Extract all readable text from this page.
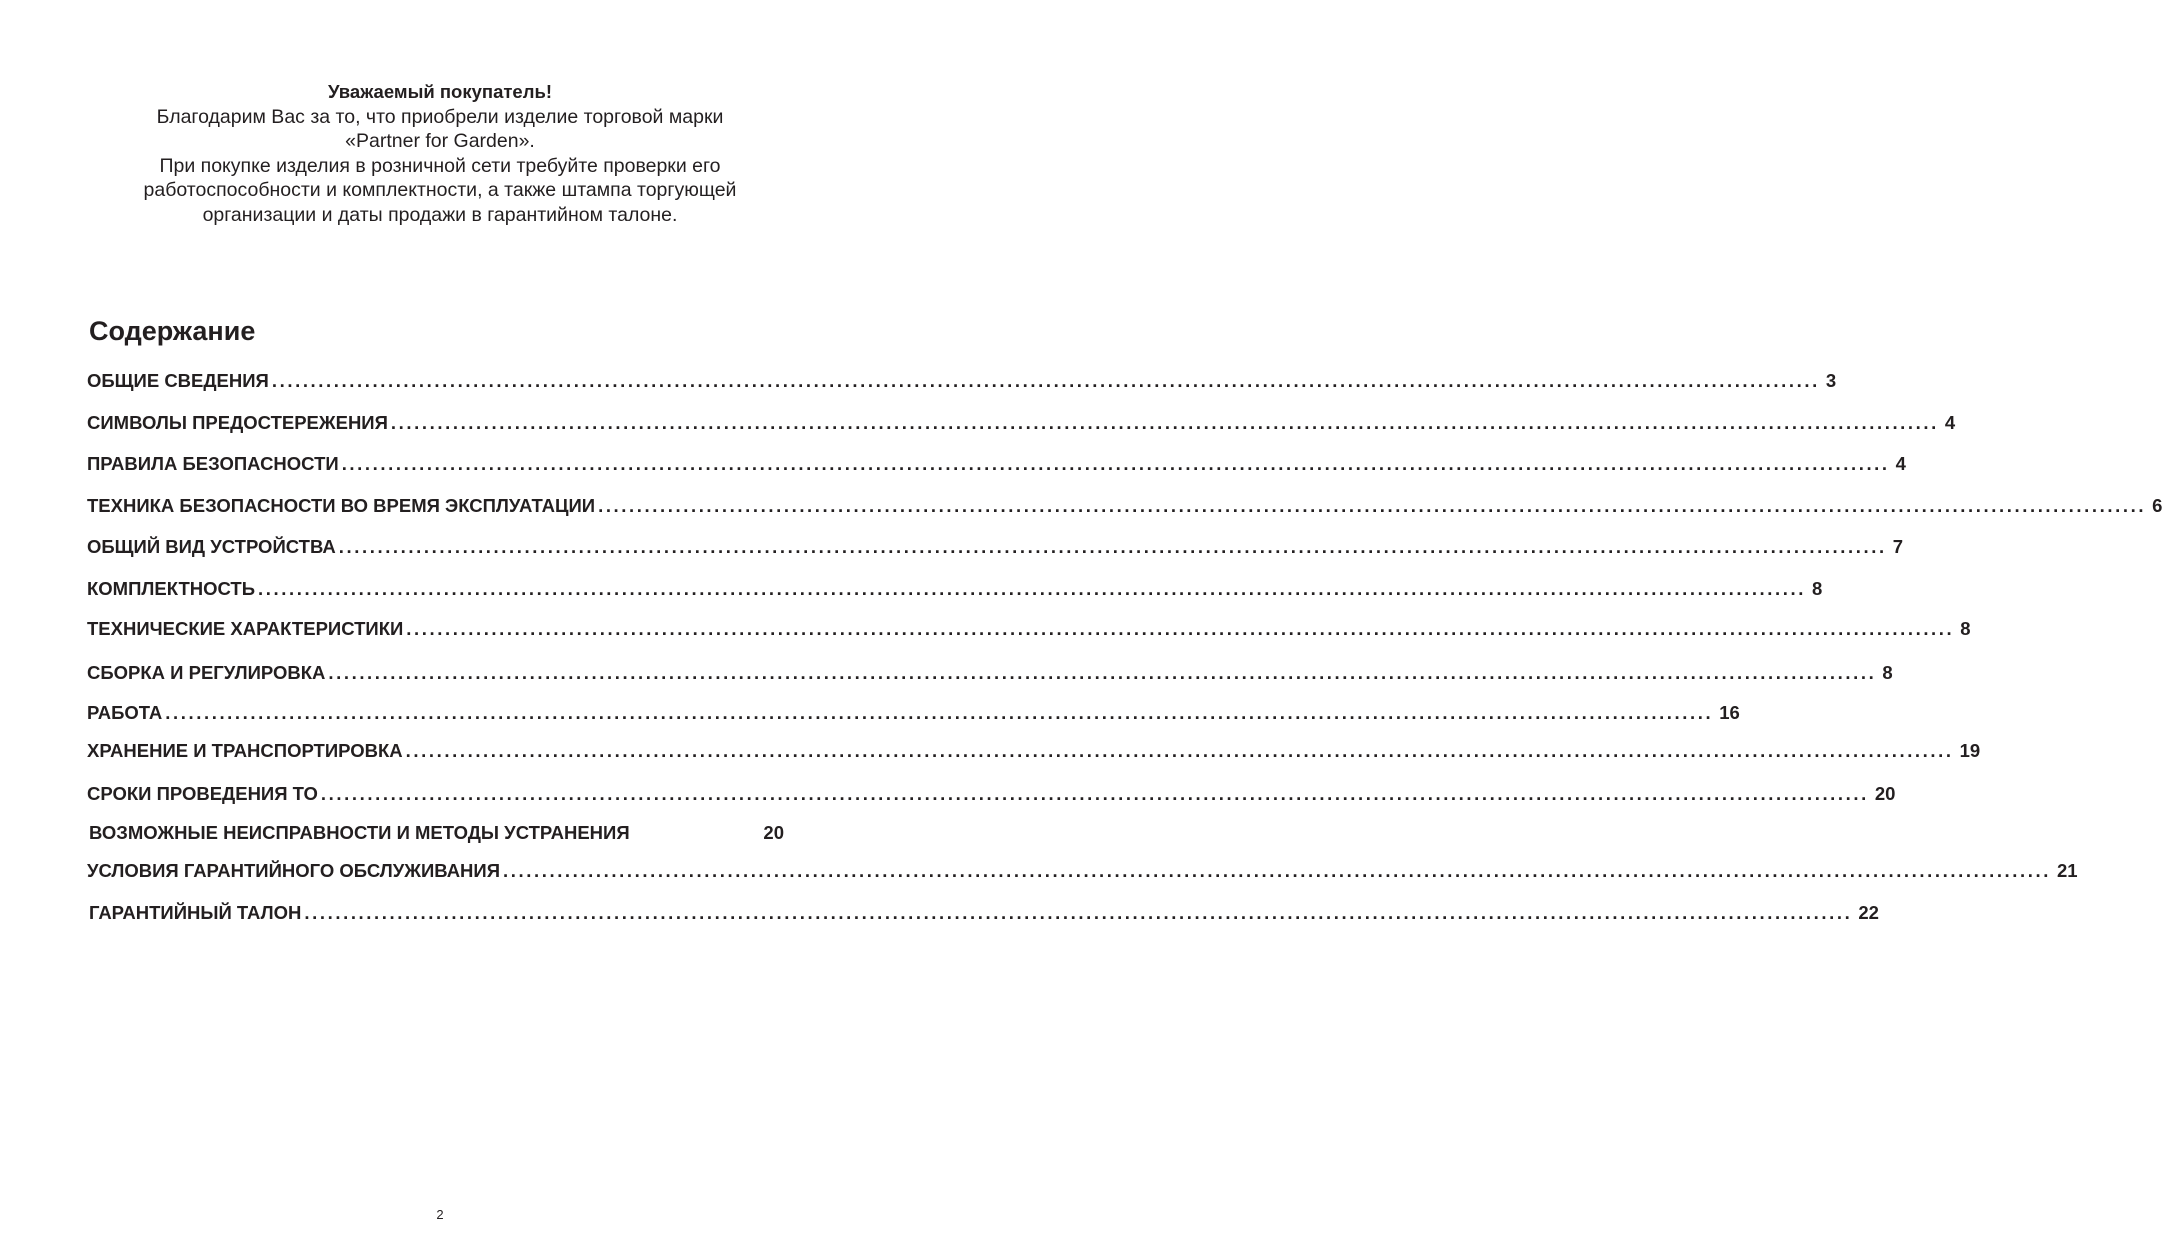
Уважаемый покупатель!
Благодарим Вас за то, что приобрели изделие торговой марки
«Partner for Garden».
При покупке изделия в розничной сети требуйте проверки его
работоспособности и комплектности, а также штампа торгующей
организации и даты продажи в гарантийном талоне.
Содержание
ОБЩИЕ СВЕДЕНИЯ ........................................................................................................................................................................................................ 3
СИМВОЛЫ ПРЕДОСТЕРЕЖЕНИЯ ........................................................................................................................................................................................................ 4
ПРАВИЛА БЕЗОПАСНОСТИ ........................................................................................................................................................................................................ 4
ТЕХНИКА БЕЗОПАСНОСТИ ВО ВРЕМЯ ЭКСПЛУАТАЦИИ ........................................................................................................................................................................................................ 6
ОБЩИЙ ВИД УСТРОЙСТВА ........................................................................................................................................................................................................ 7
КОМПЛЕКТНОСТЬ ........................................................................................................................................................................................................ 8
ТЕХНИЧЕСКИЕ ХАРАКТЕРИСТИКИ ........................................................................................................................................................................................................ 8
СБОРКА И РЕГУЛИРОВКА ........................................................................................................................................................................................................ 8
РАБОТА ........................................................................................................................................................................................................ 16
ХРАНЕНИЕ И ТРАНСПОРТИРОВКА ........................................................................................................................................................................................................ 19
СРОКИ ПРОВЕДЕНИЯ ТО ........................................................................................................................................................................................................ 20
ВОЗМОЖНЫЕ НЕИСПРАВНОСТИ И МЕТОДЫ УСТРАНЕНИЯ	20
УСЛОВИЯ ГАРАНТИЙНОГО ОБСЛУЖИВАНИЯ ........................................................................................................................................................................................................ 21
ГАРАНТИЙНЫЙ ТАЛОН ........................................................................................................................................................................................................ 22
2
